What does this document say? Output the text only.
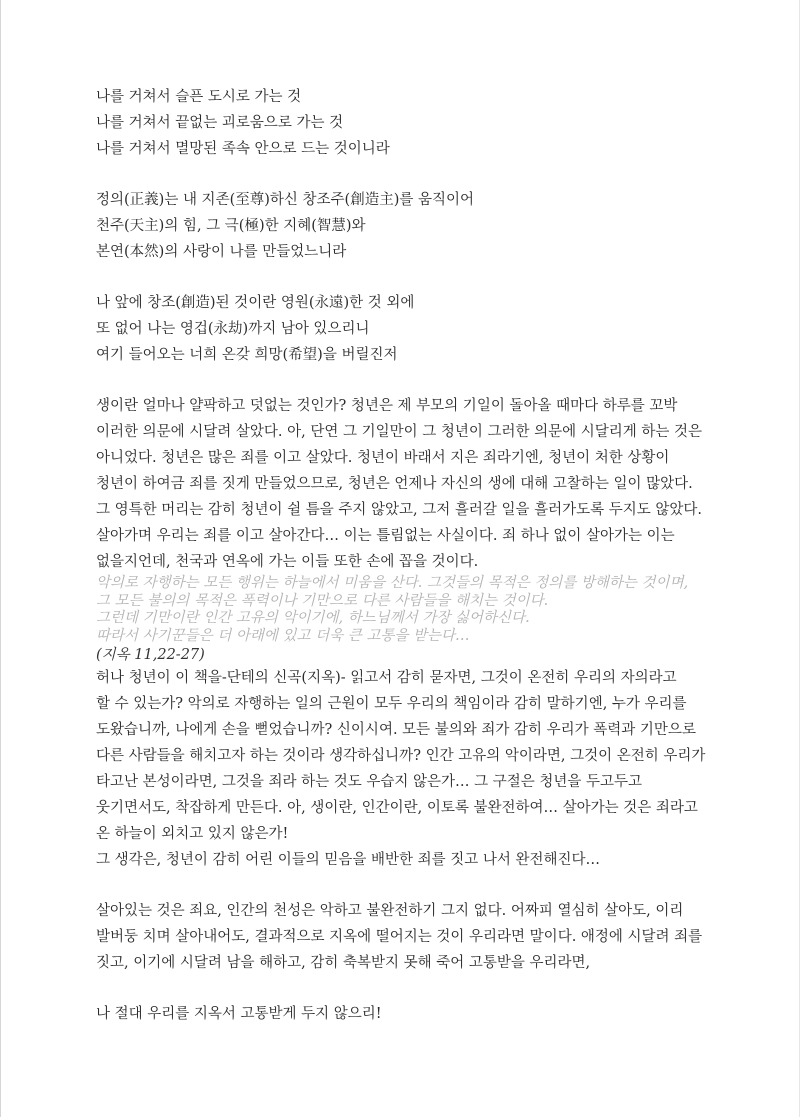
나를 거쳐서 슬픈 도시로 가는 것
나를 거쳐서 끝없는 괴로움으로 가는 것
나를 거쳐서 멸망된 족속 안으로 드는 것이니라
정의(正義)는 내 지존(至尊)하신 창조주(創造主)를 움직이어
천주(天主)의 힘, 그 극(極)한 지혜(智慧)와
본연(本然)의 사랑이 나를 만들었느니라
나 앞에 창조(創造)된 것이란 영원(永遠)한 것 외에
또 없어 나는 영겁(永劫)까지 남아 있으리니
여기 들어오는 너희 온갖 희망(希望)을 버릴진저
생이란 얼마나 얄팍하고 덧없는 것인가? 청년은 제 부모의 기일이 돌아올 때마다 하루를 꼬박
이러한 의문에 시달려 살았다. 아, 단연 그 기일만이 그 청년이 그러한 의문에 시달리게 하는 것은
아니었다. 청년은 많은 죄를 이고 살았다. 청년이 바래서 지은 죄라기엔, 청년이 처한 상황이
청년이 하여금 죄를 짓게 만들었으므로, 청년은 언제나 자신의 생에 대해 고찰하는 일이 많았다.
그 영특한 머리는 감히 청년이 쉴 틈을 주지 않았고, 그저 흘러갈 일을 흘러가도록 두지도 않았다.
살아가며 우리는 죄를 이고 살아간다… 이는 틀림없는 사실이다. 죄 하나 없이 살아가는 이는
없을지언데, 천국과 연옥에 가는 이들 또한 손에 꼽을 것이다.
악의로 자행하는 모든 행위는 하늘에서 미움을 산다. 그것들의 목적은 정의를 방해하는 것이며,
그 모든 불의의 목적은 폭력이나 기만으로 다른 사람들을 해치는 것이다.
그런데 기만이란 인간 고유의 악이기에, 하느님께서 가장 싫어하신다.
따라서 사기꾼들은 더 아래에 있고 더욱 큰 고통을 받는다…
(지옥 11,22-27)
허나 청년이 이 책을-단테의 신곡(지옥)- 읽고서 감히 묻자면, 그것이 온전히 우리의 자의라고
할 수 있는가? 악의로 자행하는 일의 근원이 모두 우리의 책임이라 감히 말하기엔, 누가 우리를
도왔습니까, 나에게 손을 뻗었습니까? 신이시여. 모든 불의와 죄가 감히 우리가 폭력과 기만으로
다른 사람들을 해치고자 하는 것이라 생각하십니까? 인간 고유의 악이라면, 그것이 온전히 우리가
타고난 본성이라면, 그것을 죄라 하는 것도 우습지 않은가… 그 구절은 청년을 두고두고
웃기면서도, 착잡하게 만든다. 아, 생이란, 인간이란, 이토록 불완전하여… 살아가는 것은 죄라고
온 하늘이 외치고 있지 않은가!
그 생각은, 청년이 감히 어린 이들의 믿음을 배반한 죄를 짓고 나서 완전해진다…
살아있는 것은 죄요, 인간의 천성은 악하고 불완전하기 그지 없다. 어짜피 열심히 살아도, 이리
발버둥 치며 살아내어도, 결과적으로 지옥에 떨어지는 것이 우리라면 말이다. 애정에 시달려 죄를
짓고, 이기에 시달려 남을 해하고, 감히 축복받지 못해 죽어 고통받을 우리라면,
나 절대 우리를 지옥서 고통받게 두지 않으리!
